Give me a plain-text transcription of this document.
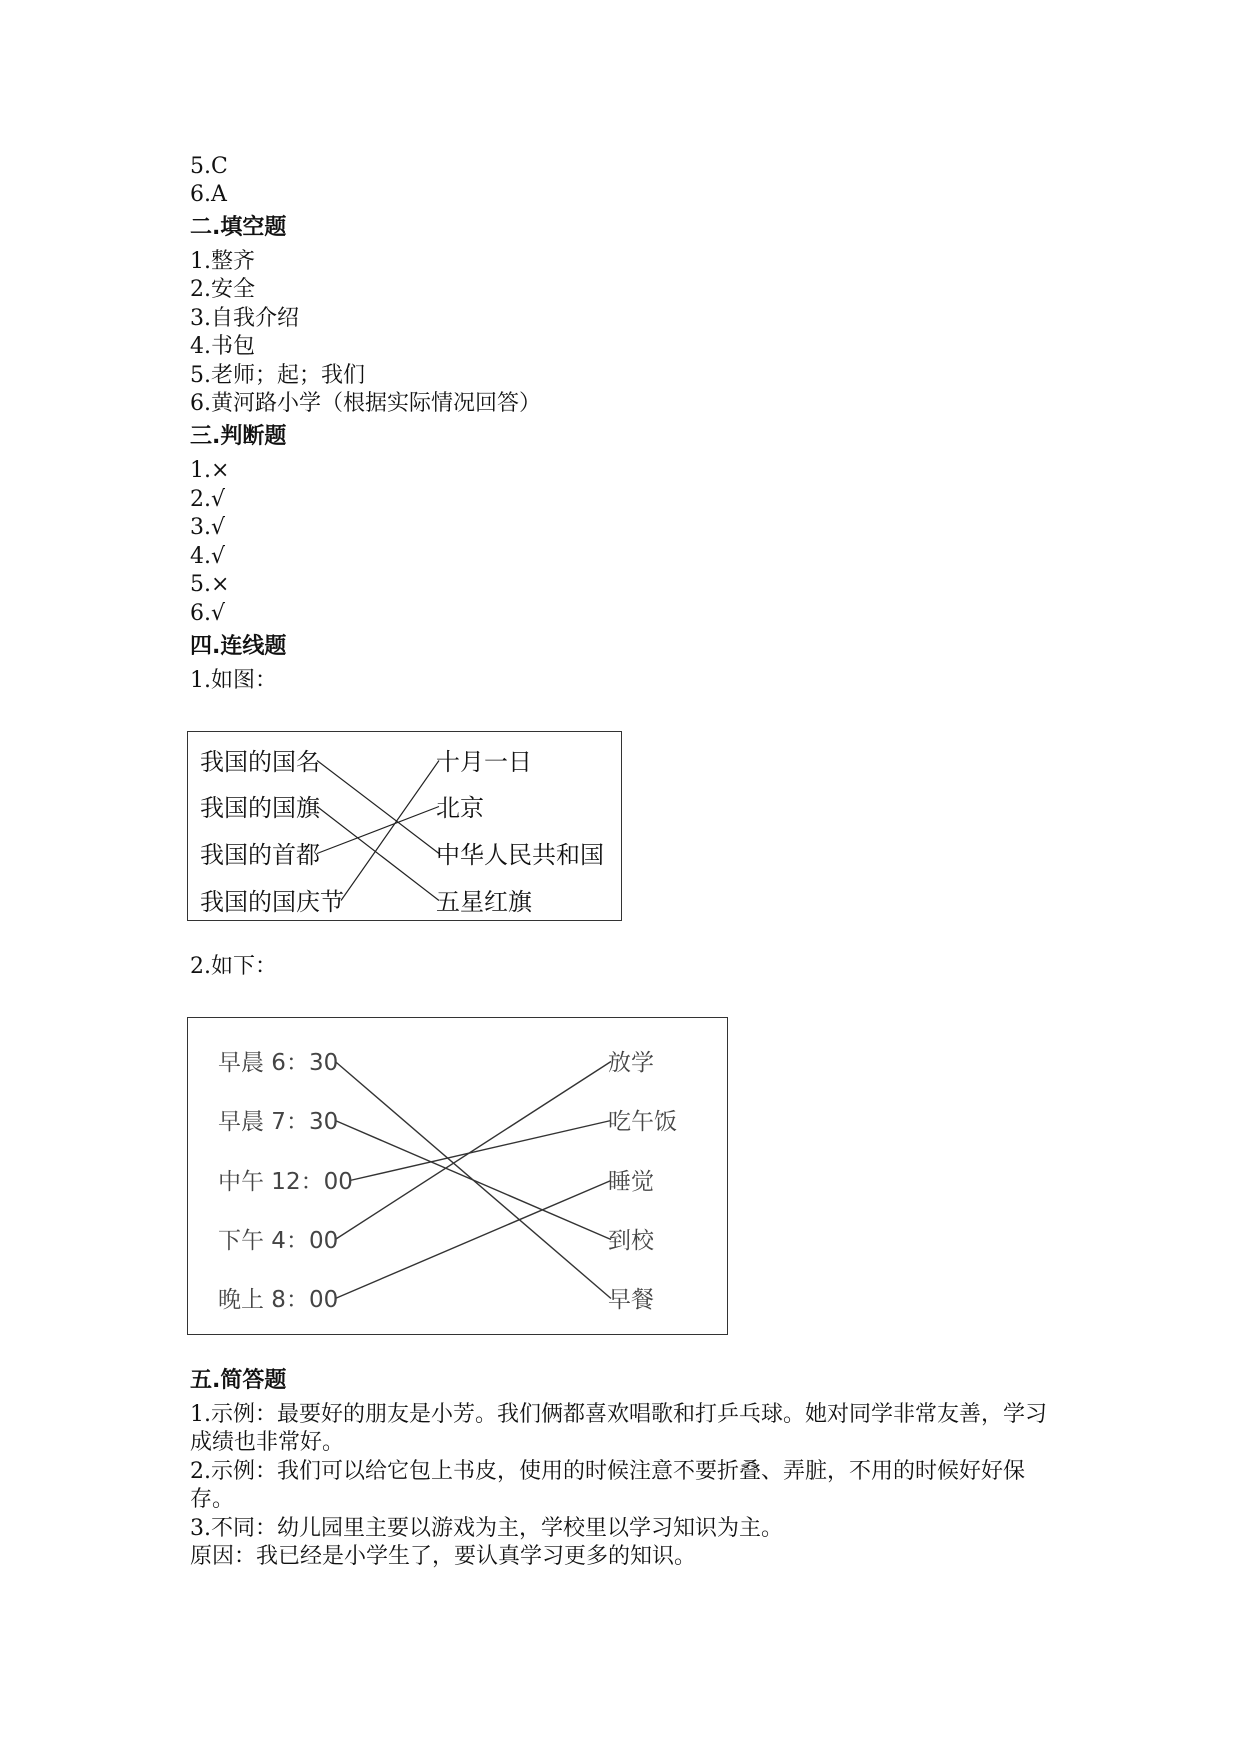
5.C
6.A
二.填空题
1.整齐
2.安全
3.自我介绍
4.书包
5.老师；起；我们
6.黄河路小学（根据实际情况回答）
三.判断题
1.×
2.√
3.√
4.√
5.×
6.√
四.连线题
1.如图：
我国的国名
我国的国旗
我国的首都
我国的国庆节
十月一日
北京
中华人民共和国
五星红旗
2.如下：
早晨 6：30
早晨 7：30
中午 12：00
下午 4：00
晚上 8：00
放学
吃午饭
睡觉
到校
早餐
五.简答题
1.示例：最要好的朋友是小芳。我们俩都喜欢唱歌和打乒乓球。她对同学非常友善，学习成绩也非常好。
2.示例：我们可以给它包上书皮，使用的时候注意不要折叠、弄脏，不用的时候好好保存。
3.不同：幼儿园里主要以游戏为主，学校里以学习知识为主。
原因：我已经是小学生了，要认真学习更多的知识。
